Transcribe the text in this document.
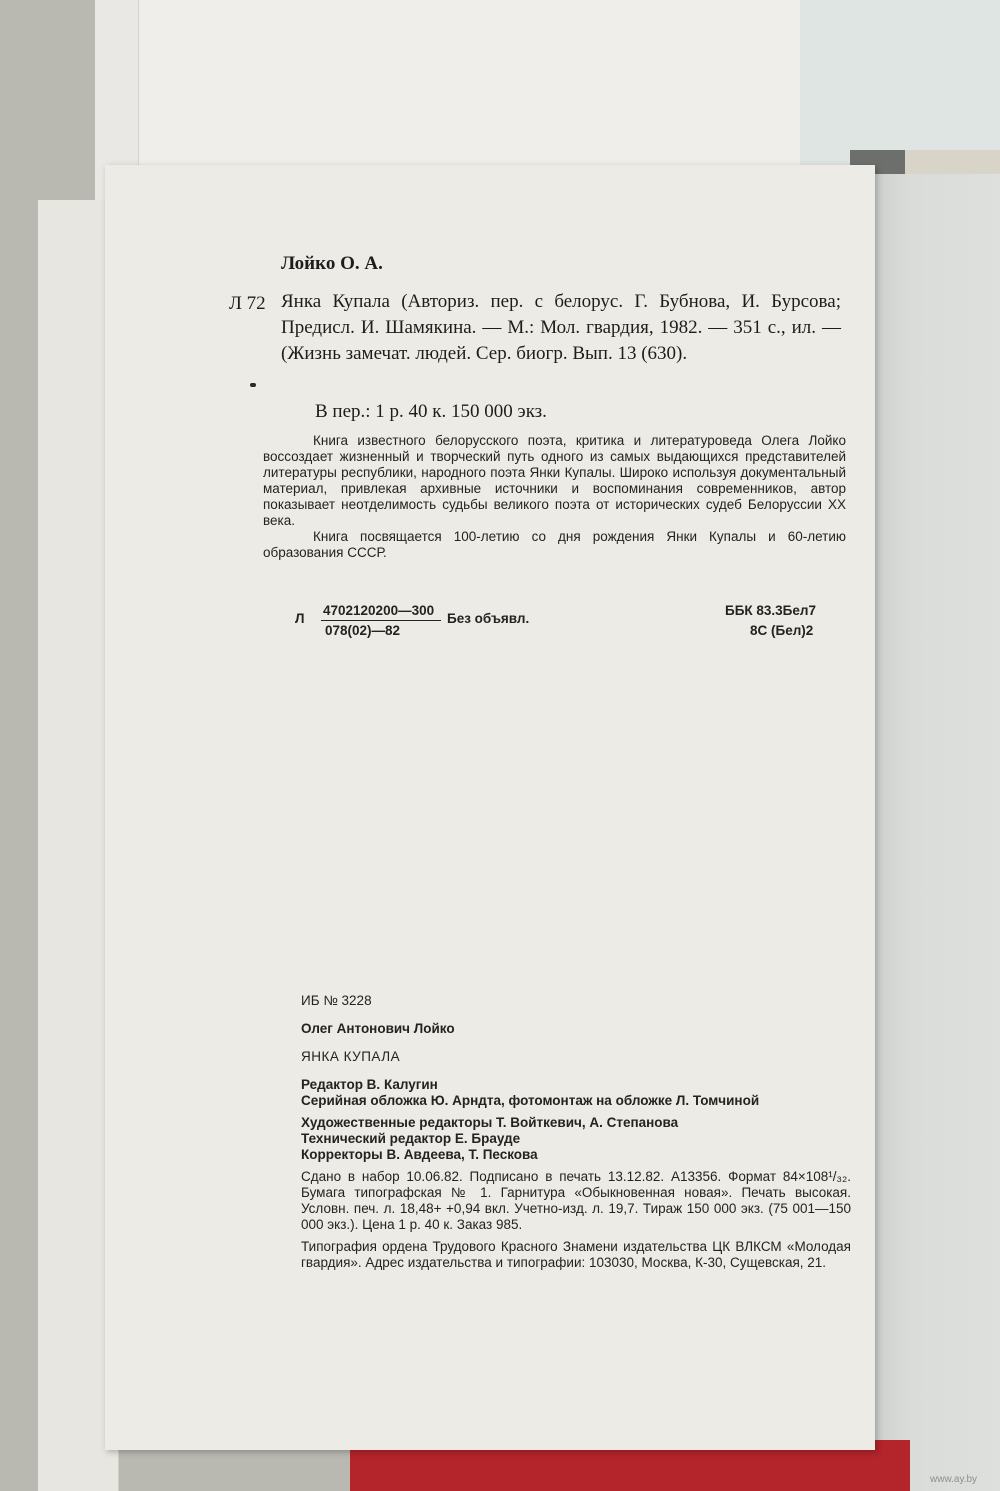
Лойко О. А.
Л 72 Янка Купала (Авториз. пер. с белорус. Г. Бубнова, И. Бурсова; Предисл. И. Шамякина. — М.: Мол. гвардия, 1982. — 351 с., ил. — (Жизнь замечат. людей. Сер. биогр. Вып. 13 (630).
В пер.: 1 р. 40 к. 150 000 экз.

Книга известного белорусского поэта, критика и литературоведа Олега Лойко воссоздает жизненный и творческий путь одного из самых выдающихся представителей литературы республики, народного поэта Янки Купалы. Широко используя документальный материал, привлекая архивные источники и воспоминания современников, автор показывает неотделимость судьбы великого поэта от исторических судеб Белоруссии XX века.

Книга посвящается 100-летию со дня рождения Янки Купалы и 60-летию образования СССР.

Л
4702120200—300
078(02)—82
Без объявл.
ББК 83.3Бел7
8С (Бел)2

ИБ № 3228

Олег Антонович Лойко

ЯНКА КУПАЛА

Редактор В. Калугин

Серийная обложка Ю. Арндта, фотомонтаж на обложке Л. Томчиной

Художественные редакторы Т. Войткевич, А. Степанова

Технический редактор Е. Брауде

Корректоры В. Авдеева, Т. Пескова

Сдано в набор 10.06.82. Подписано в печать 13.12.82. А13356. Формат 84×108¹/₃₂. Бумага типографская № 1. Гарнитура «Обыкновенная новая». Печать высокая. Условн. печ. л. 18,48+ +0,94 вкл. Учетно-изд. л. 19,7. Тираж 150 000 экз. (75 001—150 000 экз.). Цена 1 р. 40 к. Заказ 985.

Типография ордена Трудового Красного Знамени издательства ЦК ВЛКСМ «Молодая гвардия». Адрес издательства и типографии: 103030, Москва, К-30, Сущевская, 21.

www.ay.by
